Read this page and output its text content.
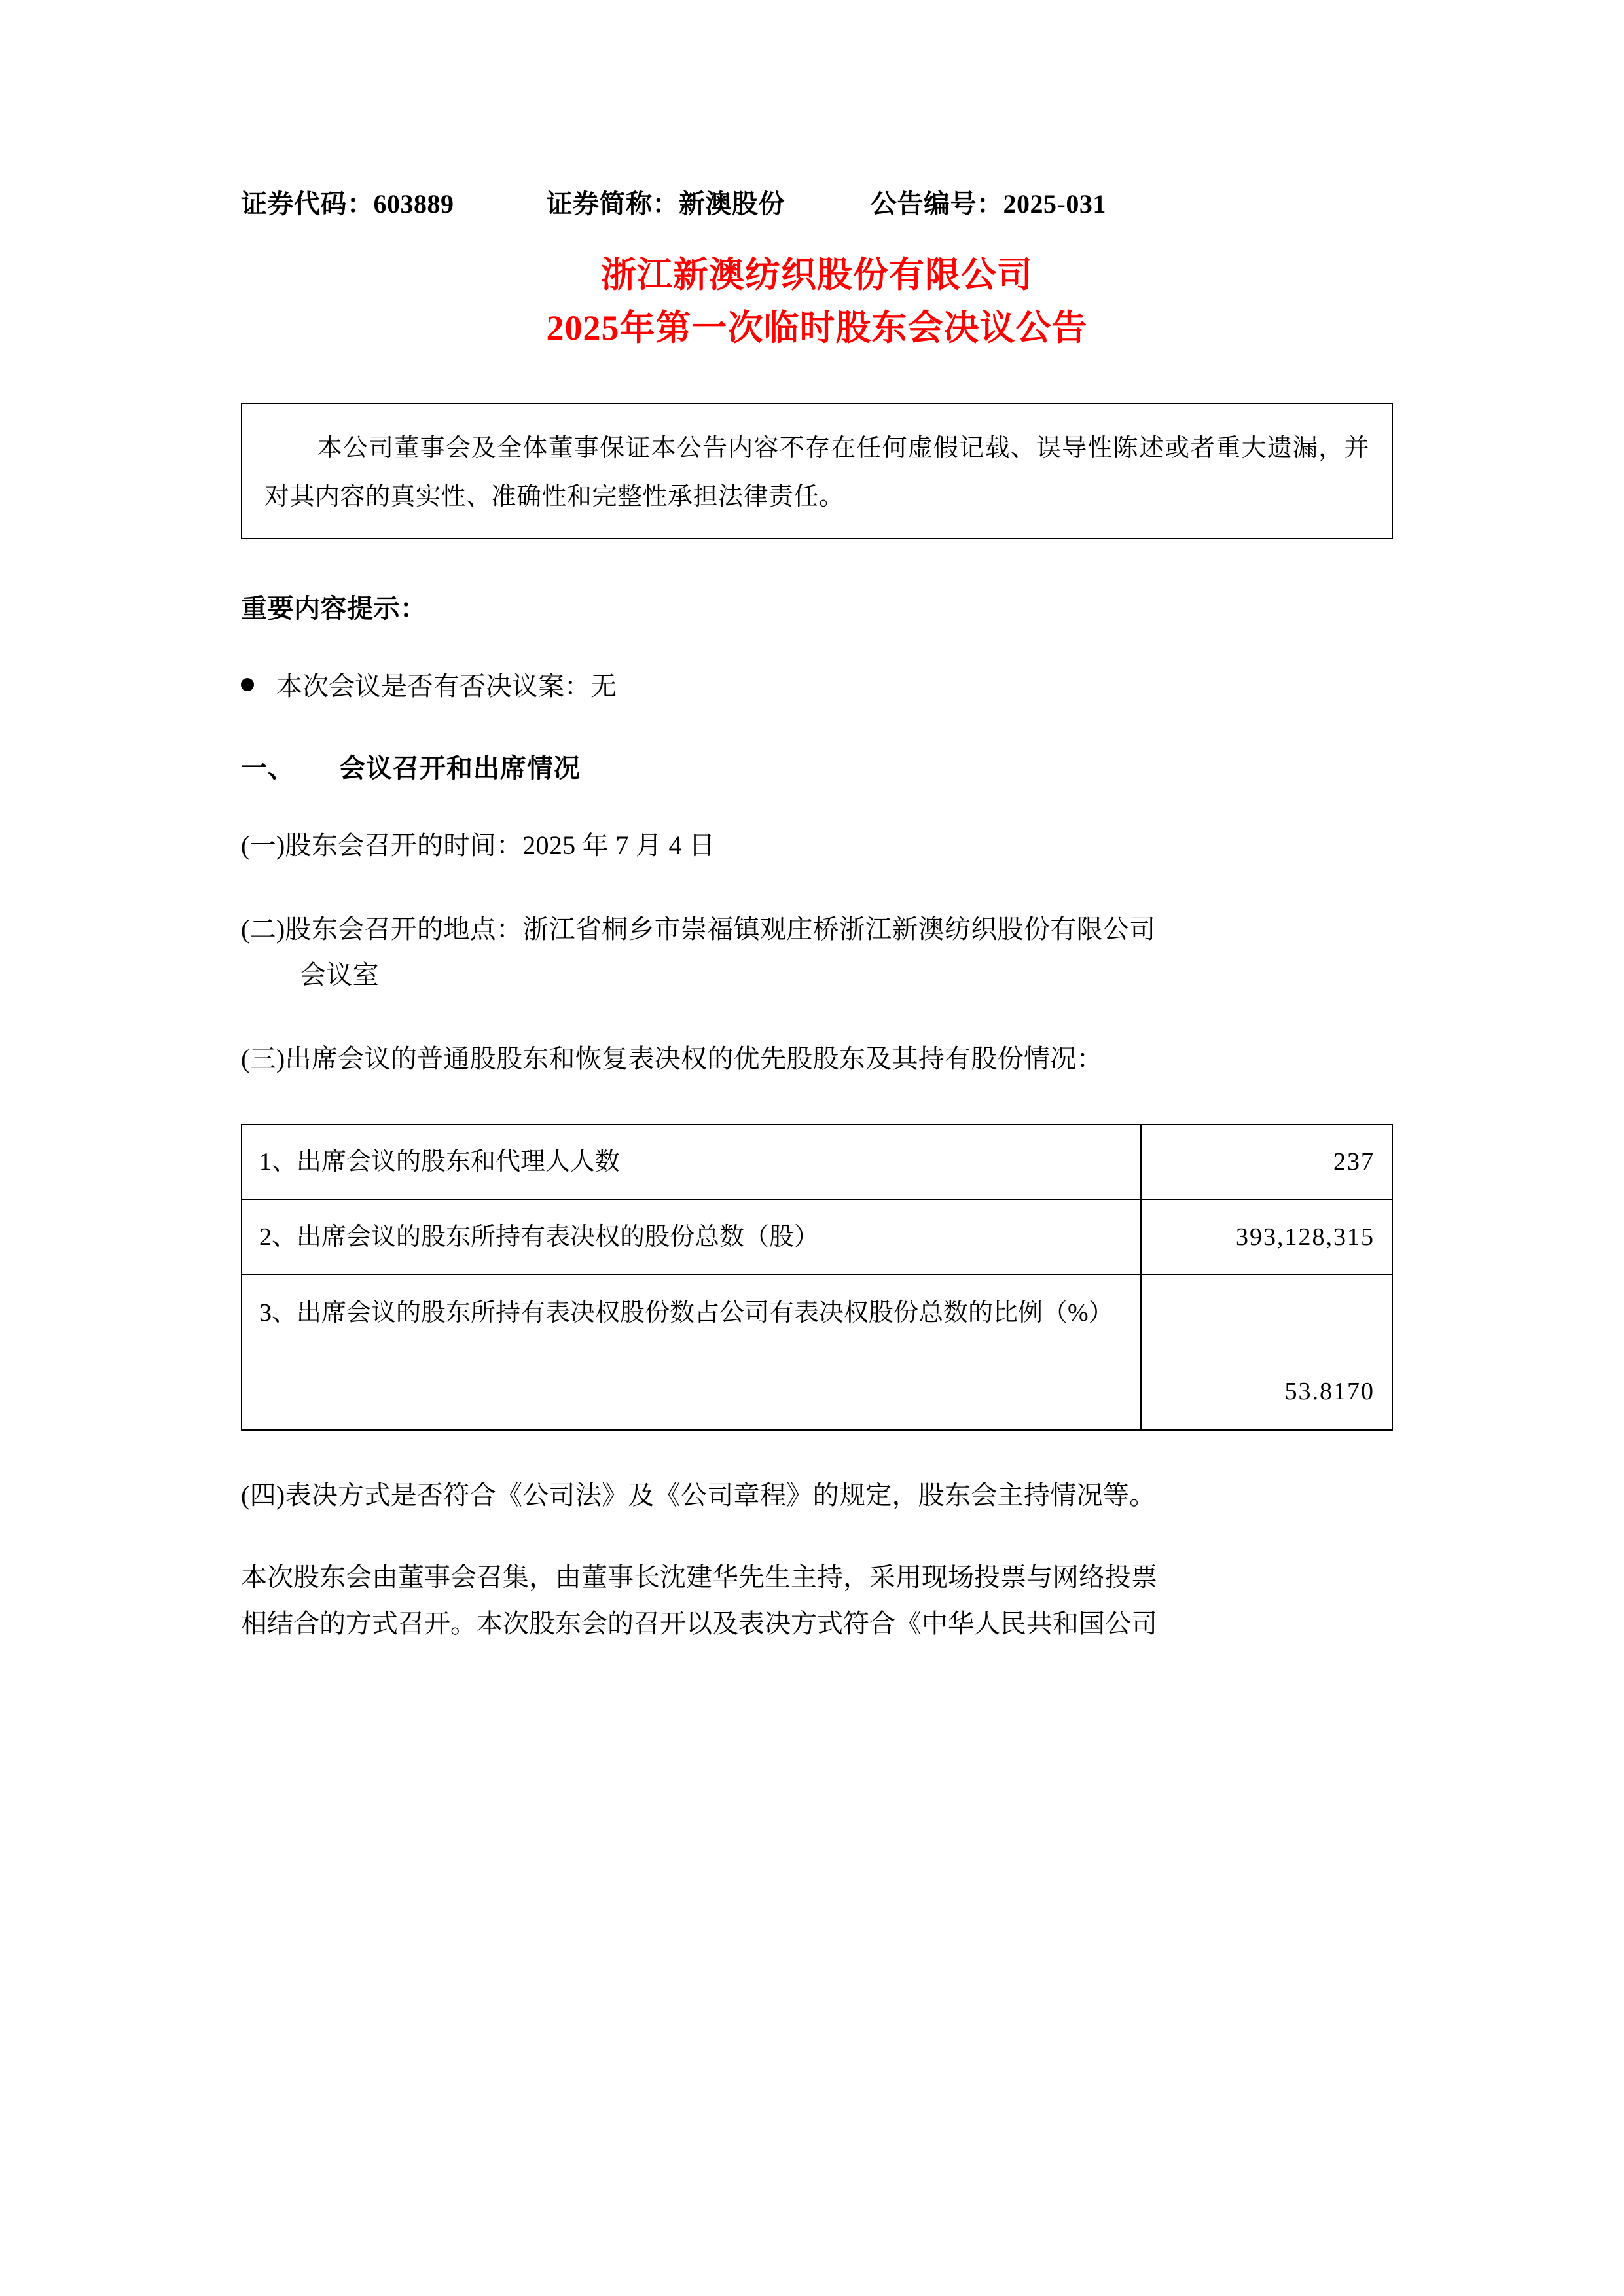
证券代码：603889	证券简称：新澳股份	公告编号：2025-031
浙江新澳纺织股份有限公司
2025年第一次临时股东会决议公告

本公司董事会及全体董事保证本公告内容不存在任何虚假记载、误导性陈述或者重大遗漏，并对其内容的真实性、准确性和完整性承担法律责任。

重要内容提示：
本次会议是否有否决议案：无
一、 会议召开和出席情况
(一)股东会召开的时间：2025 年 7 月 4 日
(二)股东会召开的地点：浙江省桐乡市崇福镇观庄桥浙江新澳纺织股份有限公司
会议室
(三)出席会议的普通股股东和恢复表决权的优先股股东及其持有股份情况：
1、出席会议的股东和代理人人数	237
2、出席会议的股东所持有表决权的股份总数（股）	393,128,315
3、出席会议的股东所持有表决权股份数占公司有表决权股份总数的比例（%）	53.8170
(四)表决方式是否符合《公司法》及《公司章程》的规定，股东会主持情况等。
本次股东会由董事会召集，由董事长沈建华先生主持，采用现场投票与网络投票
相结合的方式召开。本次股东会的召开以及表决方式符合《中华人民共和国公司
